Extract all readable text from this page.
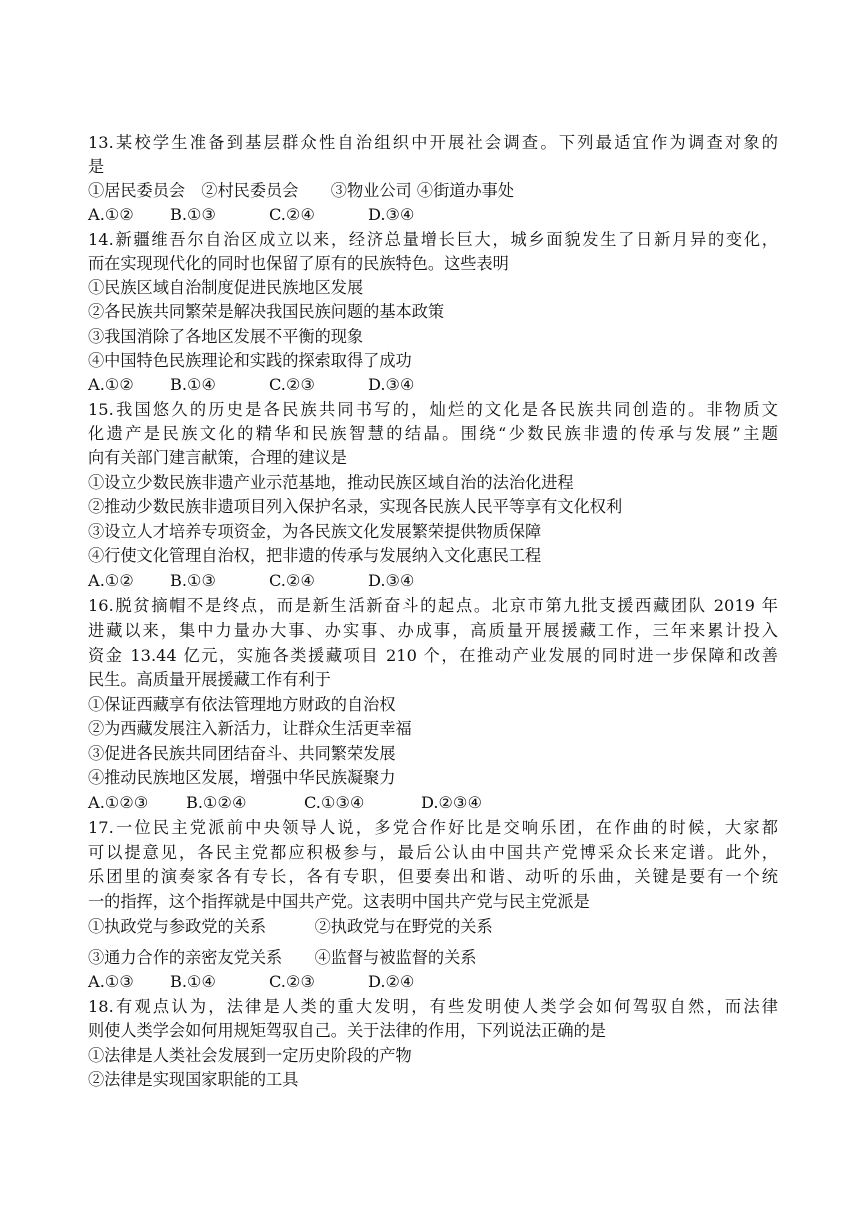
13.某校学生准备到基层群众性自治组织中开展社会调查。下列最适宜作为调查对象的
是
①居民委员会　②村民委员会　　③物业公司 ④街道办事处
A.①② B.①③	C.②④	D.③④
14.新疆维吾尔自治区成立以来，经济总量增长巨大，城乡面貌发生了日新月异的变化，
而在实现现代化的同时也保留了原有的民族特色。这些表明
①民族区域自治制度促进民族地区发展
②各民族共同繁荣是解决我国民族问题的基本政策
③我国消除了各地区发展不平衡的现象
④中国特色民族理论和实践的探索取得了成功
A.①② B.①④	C.②③	D.③④
15.我国悠久的历史是各民族共同书写的，灿烂的文化是各民族共同创造的。非物质文
化遗产是民族文化的精华和民族智慧的结晶。围绕“少数民族非遗的传承与发展”主题
向有关部门建言献策，合理的建议是
①设立少数民族非遗产业示范基地，推动民族区域自治的法治化进程
②推动少数民族非遗项目列入保护名录，实现各民族人民平等享有文化权利
③设立人才培养专项资金，为各民族文化发展繁荣提供物质保障
④行使文化管理自治权，把非遗的传承与发展纳入文化惠民工程
A.①② B.①③	C.②④	D.③④
16.脱贫摘帽不是终点，而是新生活新奋斗的起点。北京市第九批支援西藏团队 2019 年
进藏以来，集中力量办大事、办实事、办成事，高质量开展援藏工作，三年来累计投入
资金 13.44 亿元，实施各类援藏项目 210 个，在推动产业发展的同时进一步保障和改善
民生。高质量开展援藏工作有利于
①保证西藏享有依法管理地方财政的自治权
②为西藏发展注入新活力，让群众生活更幸福
③促进各民族共同团结奋斗、共同繁荣发展
④推动民族地区发展，增强中华民族凝聚力
A.①②③ B.①②④	C.①③④	D.②③④
17.一位民主党派前中央领导人说，多党合作好比是交响乐团，在作曲的时候，大家都
可以提意见，各民主党都应积极参与，最后公认由中国共产党博采众长来定谱。此外，
乐团里的演奏家各有专长，各有专职，但要奏出和谐、动听的乐曲，关键是要有一个统
一的指挥，这个指挥就是中国共产党。这表明中国共产党与民主党派是
①执政党与参政党的关系　　　②执政党与在野党的关系
③通力合作的亲密友党关系　　④监督与被监督的关系
A.①③ B.①④	C.②③	D.②④
18.有观点认为，法律是人类的重大发明，有些发明使人类学会如何驾驭自然，而法律
则使人类学会如何用规矩驾驭自己。关于法律的作用，下列说法正确的是
①法律是人类社会发展到一定历史阶段的产物
②法律是实现国家职能的工具
